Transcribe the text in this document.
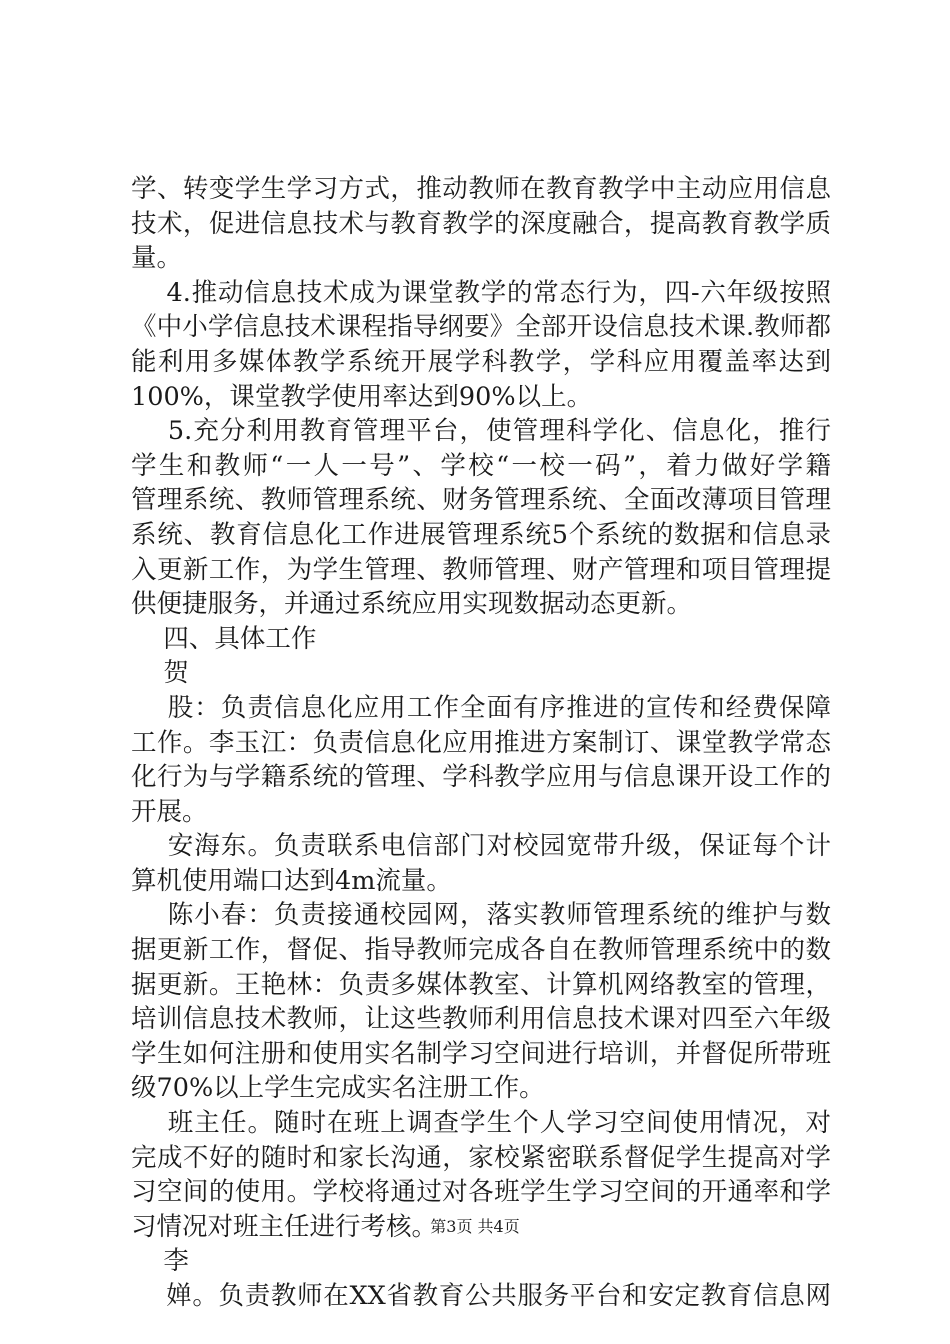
学、转变学生学习方式，推动教师在教育教学中主动应用信息
技术，促进信息技术与教育教学的深度融合，提高教育教学质
量。
4.推动信息技术成为课堂教学的常态行为，四-六年级按照
《中小学信息技术课程指导纲要》全部开设信息技术课.教师都
能利用多媒体教学系统开展学科教学，学科应用覆盖率达到
100%，课堂教学使用率达到90%以上。
5.充分利用教育管理平台，使管理科学化、信息化，推行
学生和教师“一人一号”、学校“一校一码”，着力做好学籍
管理系统、教师管理系统、财务管理系统、全面改薄项目管理
系统、教育信息化工作进展管理系统5个系统的数据和信息录
入更新工作，为学生管理、教师管理、财产管理和项目管理提
供便捷服务，并通过系统应用实现数据动态更新。
四、具体工作
贺
股：负责信息化应用工作全面有序推进的宣传和经费保障
工作。李玉江：负责信息化应用推进方案制订、课堂教学常态
化行为与学籍系统的管理、学科教学应用与信息课开设工作的
开展。
安海东。负责联系电信部门对校园宽带升级，保证每个计
算机使用端口达到4m流量。
陈小春：负责接通校园网，落实教师管理系统的维护与数
据更新工作，督促、指导教师完成各自在教师管理系统中的数
据更新。王艳林：负责多媒体教室、计算机网络教室的管理，
培训信息技术教师，让这些教师利用信息技术课对四至六年级
学生如何注册和使用实名制学习空间进行培训，并督促所带班
级70%以上学生完成实名注册工作。
班主任。随时在班上调查学生个人学习空间使用情况，对
完成不好的随时和家长沟通，家校紧密联系督促学生提高对学
习空间的使用。学校将通过对各班学生学习空间的开通率和学
习情况对班主任进行考核。
李
婵。负责教师在XX省教育公共服务平台和安定教育信息网
第3页 共4页
